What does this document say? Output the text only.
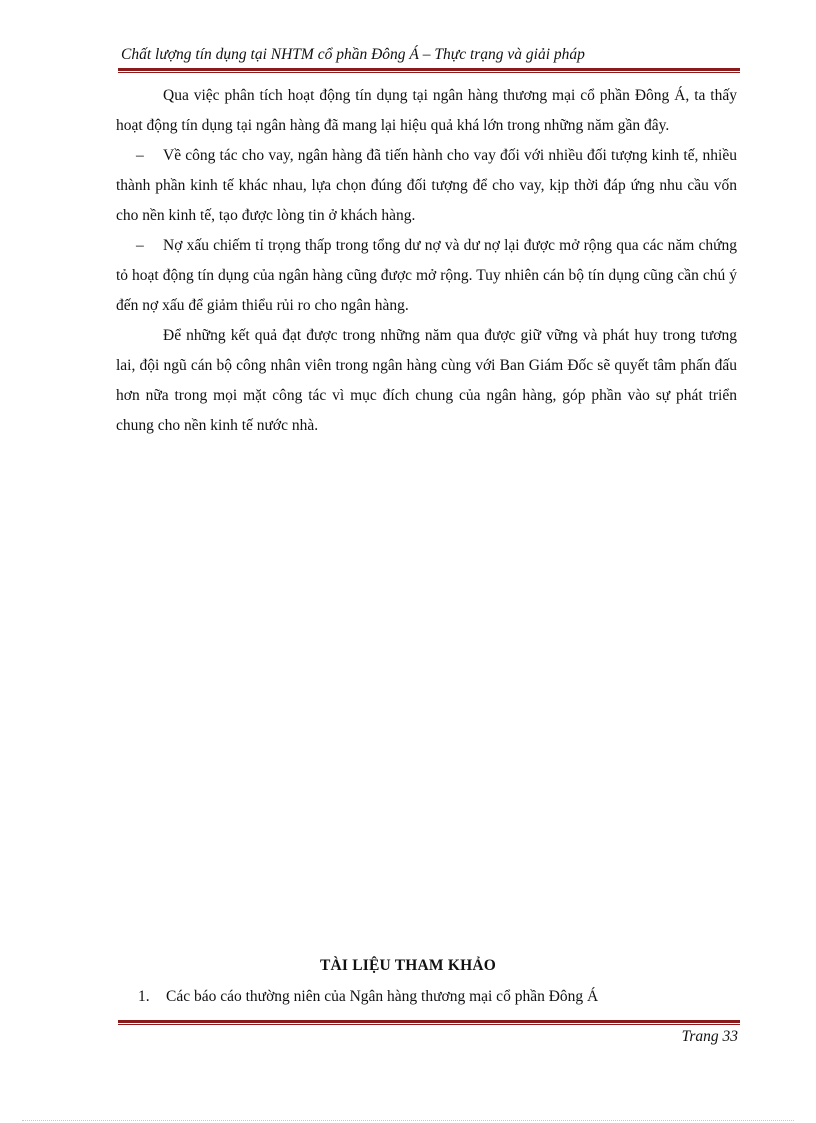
Chất lượng tín dụng tại NHTM cổ phần Đông Á – Thực trạng và giải pháp

Qua việc phân tích hoạt động tín dụng tại ngân hàng thương mại cổ phần Đông Á, ta thấy hoạt động tín dụng tại ngân hàng đã mang lại hiệu quả khá lớn trong những năm gần đây.

– Về công tác cho vay, ngân hàng đã tiến hành cho vay đối với nhiều đối tượng kinh tế, nhiều thành phần kinh tế khác nhau, lựa chọn đúng đối tượng để cho vay, kịp thời đáp ứng nhu cầu vốn cho nền kinh tế, tạo được lòng tin ở khách hàng.

– Nợ xấu chiếm tỉ trọng thấp trong tổng dư nợ và dư nợ lại được mở rộng qua các năm chứng tỏ hoạt động tín dụng của ngân hàng cũng được mở rộng. Tuy nhiên cán bộ tín dụng cũng cần chú ý đến nợ xấu để giảm thiểu rủi ro cho ngân hàng.

Để những kết quả đạt được trong những năm qua được giữ vững và phát huy trong tương lai, đội ngũ cán bộ công nhân viên trong ngân hàng cùng với Ban Giám Đốc sẽ quyết tâm phấn đấu hơn nữa trong mọi mặt công tác vì mục đích chung của ngân hàng, góp phần vào sự phát triển chung cho nền kinh tế nước nhà.

TÀI LIỆU THAM KHẢO
1. Các báo cáo thường niên của Ngân hàng thương mại cổ phần Đông Á
Trang 33
